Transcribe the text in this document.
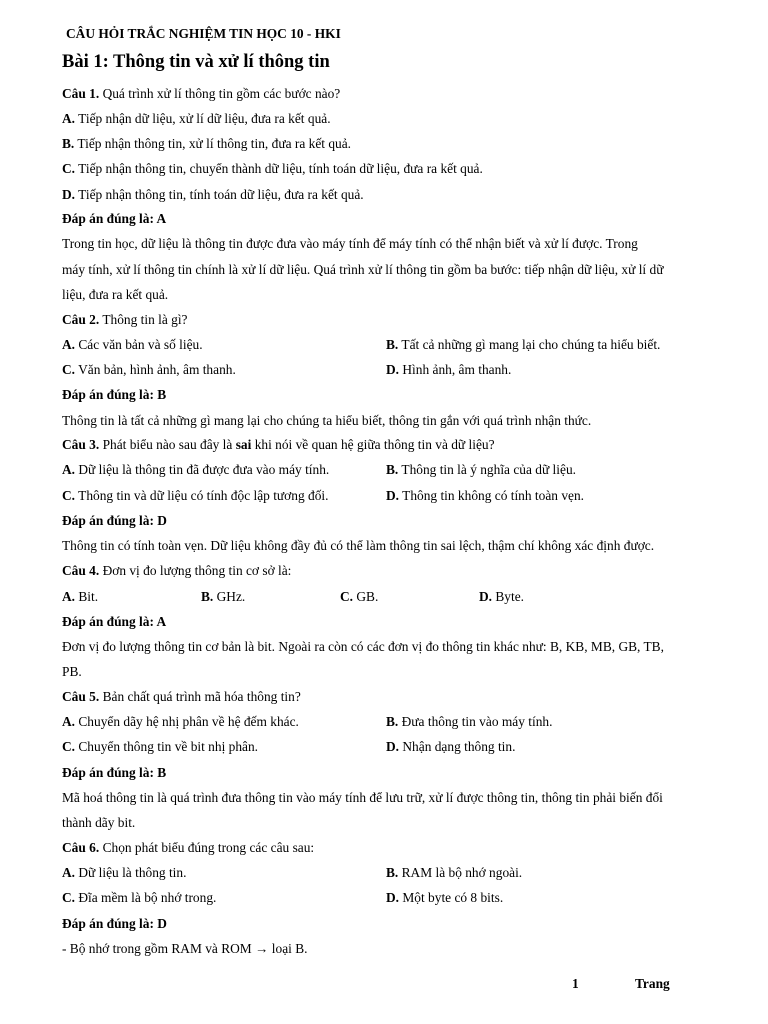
CÂU HỎI TRẮC NGHIỆM TIN HỌC 10 - HKI
Bài 1: Thông tin và xử lí thông tin
Câu 1. Quá trình xử lí thông tin gồm các bước nào?
A. Tiếp nhận dữ liệu, xử lí dữ liệu, đưa ra kết quả.
B. Tiếp nhận thông tin, xử lí thông tin, đưa ra kết quả.
C. Tiếp nhận thông tin, chuyển thành dữ liệu, tính toán dữ liệu, đưa ra kết quả.
D. Tiếp nhận thông tin, tính toán dữ liệu, đưa ra kết quả.
Đáp án đúng là: A
Trong tin học, dữ liệu là thông tin được đưa vào máy tính để máy tính có thể nhận biết và xử lí được. Trong
máy tính, xử lí thông tin chính là xử lí dữ liệu. Quá trình xử lí thông tin gồm ba bước: tiếp nhận dữ liệu, xử lí dữ
liệu, đưa ra kết quả.
Câu 2. Thông tin là gì?
A. Các văn bản và số liệu.	B. Tất cả những gì mang lại cho chúng ta hiểu biết.
C. Văn bản, hình ảnh, âm thanh.	D. Hình ảnh, âm thanh.
Đáp án đúng là: B
Thông tin là tất cả những gì mang lại cho chúng ta hiểu biết, thông tin gắn với quá trình nhận thức.
Câu 3. Phát biểu nào sau đây là sai khi nói về quan hệ giữa thông tin và dữ liệu?
A. Dữ liệu là thông tin đã được đưa vào máy tính.	B. Thông tin là ý nghĩa của dữ liệu.
C. Thông tin và dữ liệu có tính độc lập tương đối.	D. Thông tin không có tính toàn vẹn.
Đáp án đúng là: D
Thông tin có tính toàn vẹn. Dữ liệu không đầy đủ có thể làm thông tin sai lệch, thậm chí không xác định được.
Câu 4. Đơn vị đo lượng thông tin cơ sở là:
A. Bit.	B. GHz.	C. GB.	D. Byte.
Đáp án đúng là: A
Đơn vị đo lượng thông tin cơ bản là bit. Ngoài ra còn có các đơn vị đo thông tin khác như: B, KB, MB, GB, TB,
PB.
Câu 5. Bản chất quá trình mã hóa thông tin?
A. Chuyển dãy hệ nhị phân về hệ đếm khác.	B. Đưa thông tin vào máy tính.
C. Chuyển thông tin về bit nhị phân.	D. Nhận dạng thông tin.
Đáp án đúng là: B
Mã hoá thông tin là quá trình đưa thông tin vào máy tính để lưu trữ, xử lí được thông tin, thông tin phải biến đổi
thành dãy bit.
Câu 6. Chọn phát biểu đúng trong các câu sau:
A. Dữ liệu là thông tin.	B. RAM là bộ nhớ ngoài.
C. Đĩa mềm là bộ nhớ trong.	D. Một byte có 8 bits.
Đáp án đúng là: D
- Bộ nhớ trong gồm RAM và ROM → loại B.
1	Trang
